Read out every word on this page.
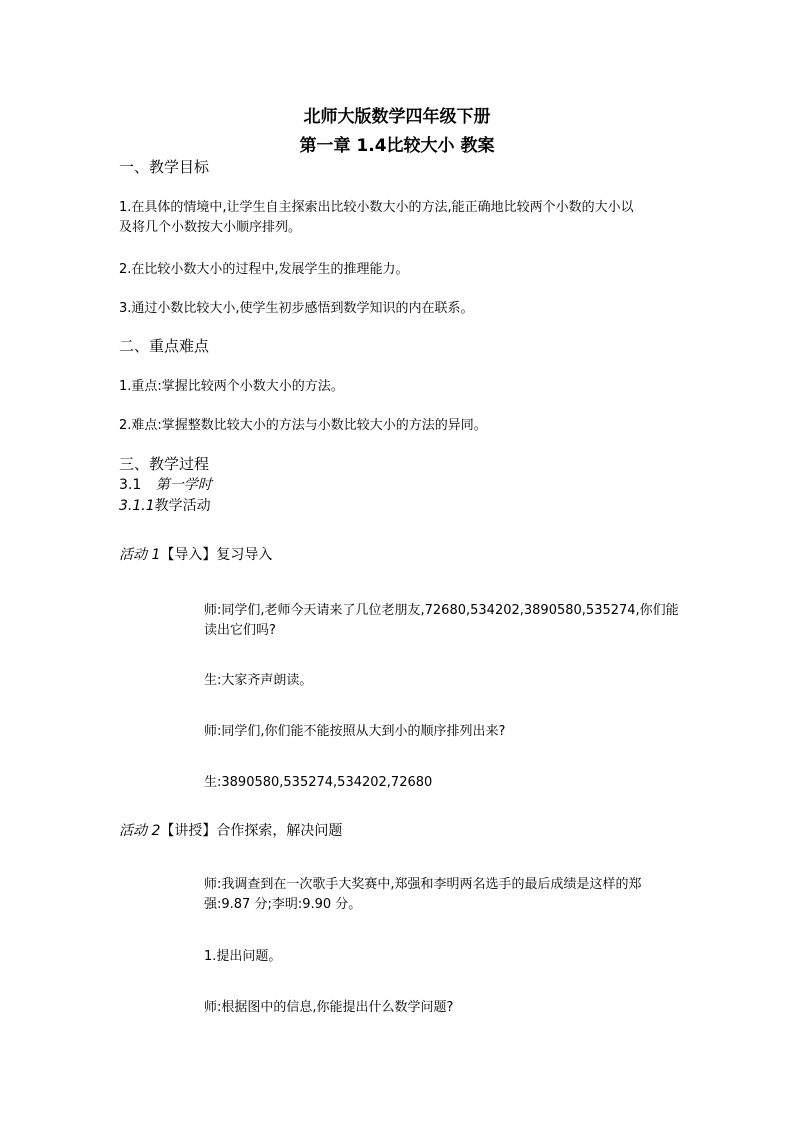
北师大版数学四年级下册
第一章 1.4比较大小 教案
一、教学目标
1.在具体的情境中,让学生自主探索出比较小数大小的方法,能正确地比较两个小数的大小以
及将几个小数按大小顺序排列。
2.在比较小数大小的过程中,发展学生的推理能力。
3.通过小数比较大小,使学生初步感悟到数学知识的内在联系。
二、重点难点
1.重点:掌握比较两个小数大小的方法。
2.难点:掌握整数比较大小的方法与小数比较大小的方法的异同。
三、教学过程
3.1 第一学时
3.1.1教学活动
活动 1【导入】复习导入
师:同学们,老师今天请来了几位老朋友,72680,534202,3890580,535274,你们能
读出它们吗?
生:大家齐声朗读。
师:同学们,你们能不能按照从大到小的顺序排列出来?
生:3890580,535274,534202,72680
活动 2【讲授】合作探索，解决问题
师:我调查到在一次歌手大奖赛中,郑强和李明两名选手的最后成绩是这样的郑
强:9.87 分;李明:9.90 分。
1.提出问题。
师:根据图中的信息,你能提出什么数学问题?
